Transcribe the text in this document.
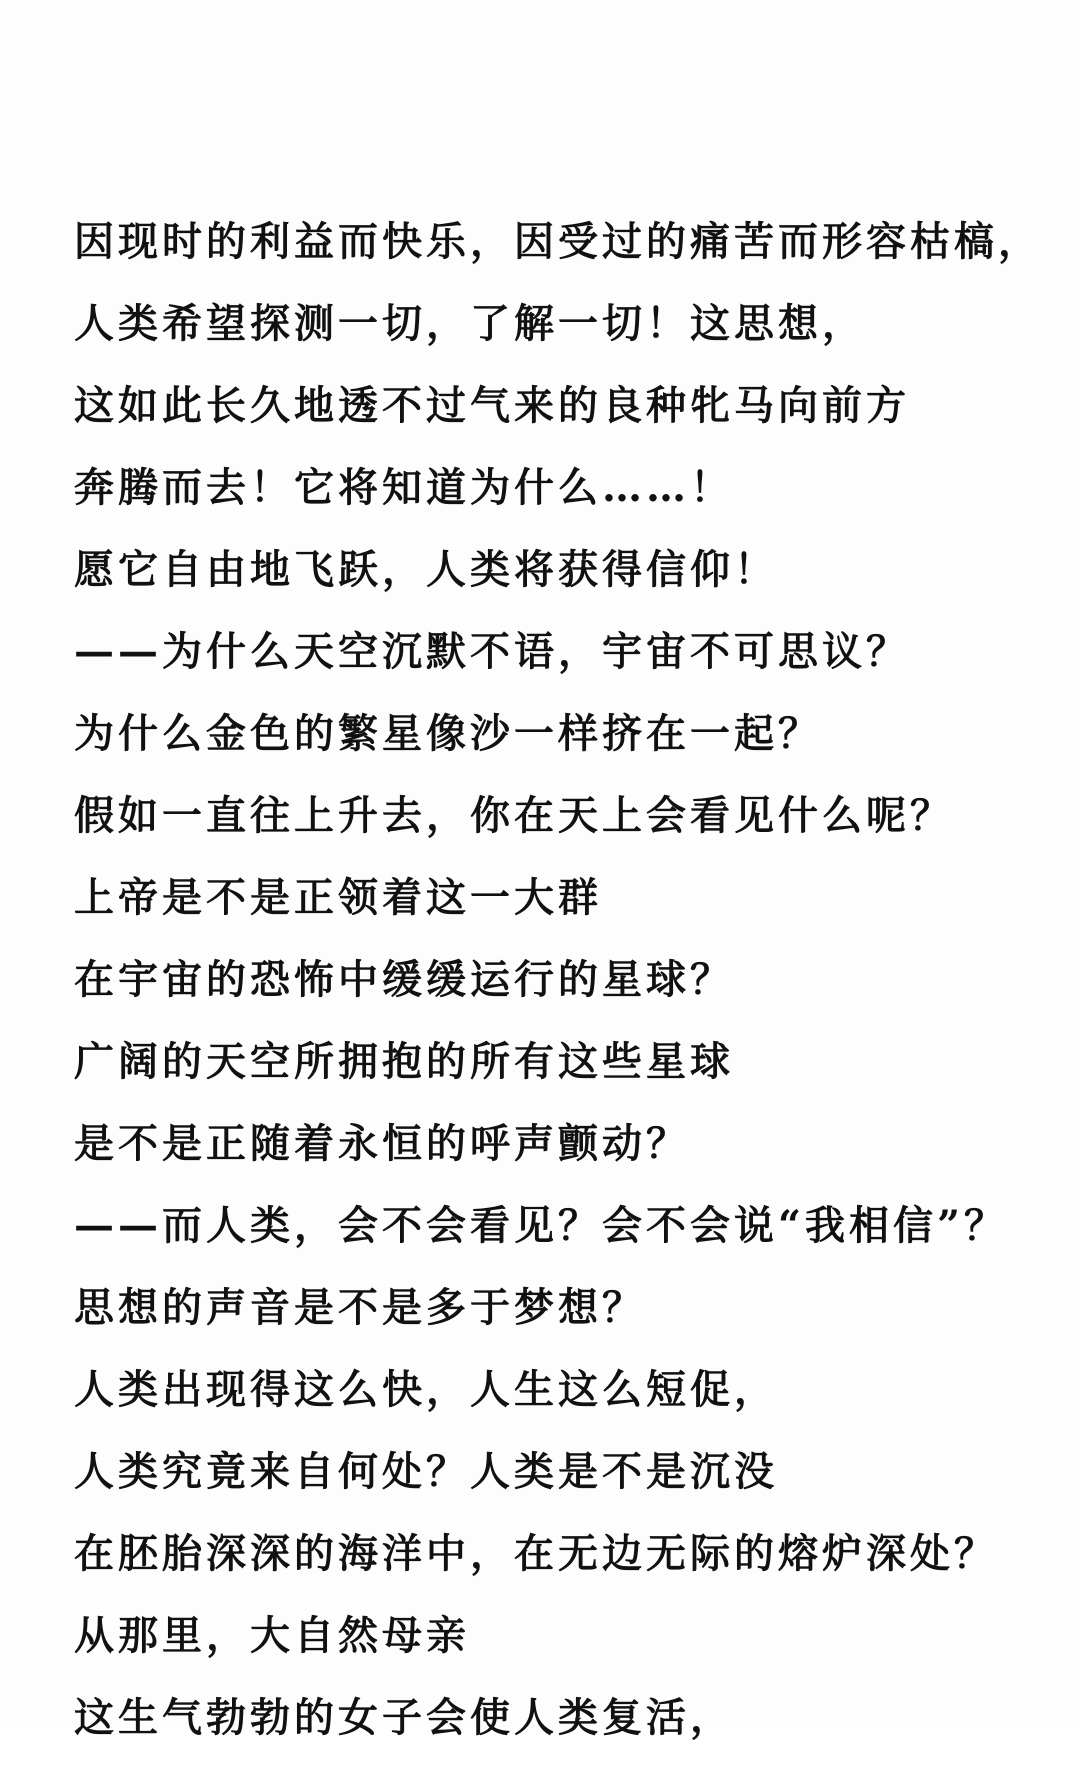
因现时的利益而快乐，因受过的痛苦而形容枯槁，
人类希望探测一切，了解一切！这思想，
这如此长久地透不过气来的良种牝马向前方
奔腾而去！它将知道为什么……！
愿它自由地飞跃，人类将获得信仰！
——为什么天空沉默不语，宇宙不可思议？
为什么金色的繁星像沙一样挤在一起？
假如一直往上升去，你在天上会看见什么呢？
上帝是不是正领着这一大群
在宇宙的恐怖中缓缓运行的星球？
广阔的天空所拥抱的所有这些星球
是不是正随着永恒的呼声颤动？
——而人类，会不会看见？会不会说“我相信”？
思想的声音是不是多于梦想？
人类出现得这么快，人生这么短促，
人类究竟来自何处？人类是不是沉没
在胚胎深深的海洋中，在无边无际的熔炉深处？
从那里，大自然母亲
这生气勃勃的女子会使人类复活，
